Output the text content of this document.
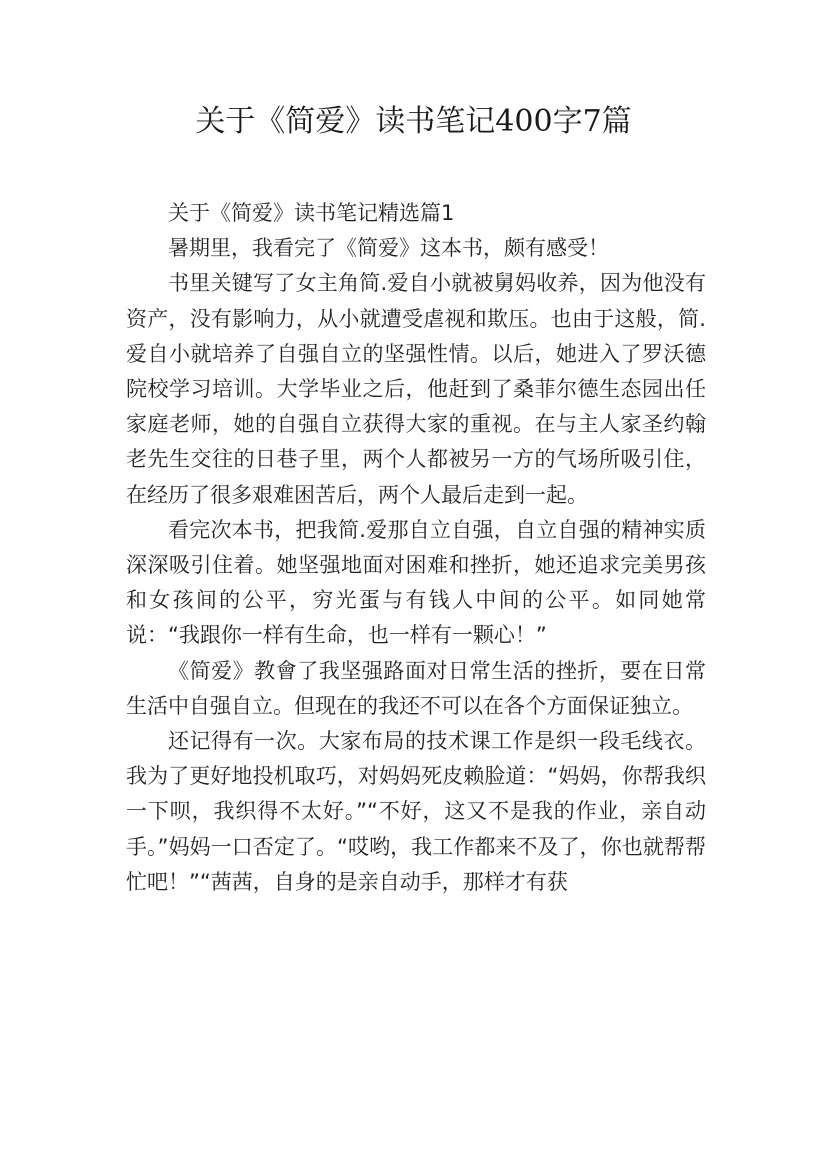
关于《简爱》读书笔记400字7篇

关于《简爱》读书笔记精选篇1

暑期里，我看完了《简爱》这本书，颇有感受！

书里关键写了女主角简.爱自小就被舅妈收养，因为他没有资产，没有影响力，从小就遭受虐视和欺压。也由于这般，简.爱自小就培养了自强自立的坚强性情。以后，她进入了罗沃德院校学习培训。大学毕业之后，他赶到了桑菲尔德生态园出任家庭老师，她的自强自立获得大家的重视。在与主人家圣约翰老先生交往的日巷子里，两个人都被另一方的气场所吸引住，在经历了很多艰难困苦后，两个人最后走到一起。

看完次本书，把我简.爱那自立自强，自立自强的精神实质深深吸引住着。她坚强地面对困难和挫折，她还追求完美男孩和女孩间的公平，穷光蛋与有钱人中间的公平。如同她常说：“我跟你一样有生命，也一样有一颗心！”

《简爱》教會了我坚强路面对日常生活的挫折，要在日常生活中自强自立。但现在的我还不可以在各个方面保证独立。

还记得有一次。大家布局的技术课工作是织一段毛线衣。我为了更好地投机取巧，对妈妈死皮赖脸道：“妈妈，你帮我织一下呗，我织得不太好。”“不好，这又不是我的作业，亲自动手。”妈妈一口否定了。“哎哟，我工作都来不及了，你也就帮帮忙吧！”“茜茜，自身的是亲自动手，那样才有获
